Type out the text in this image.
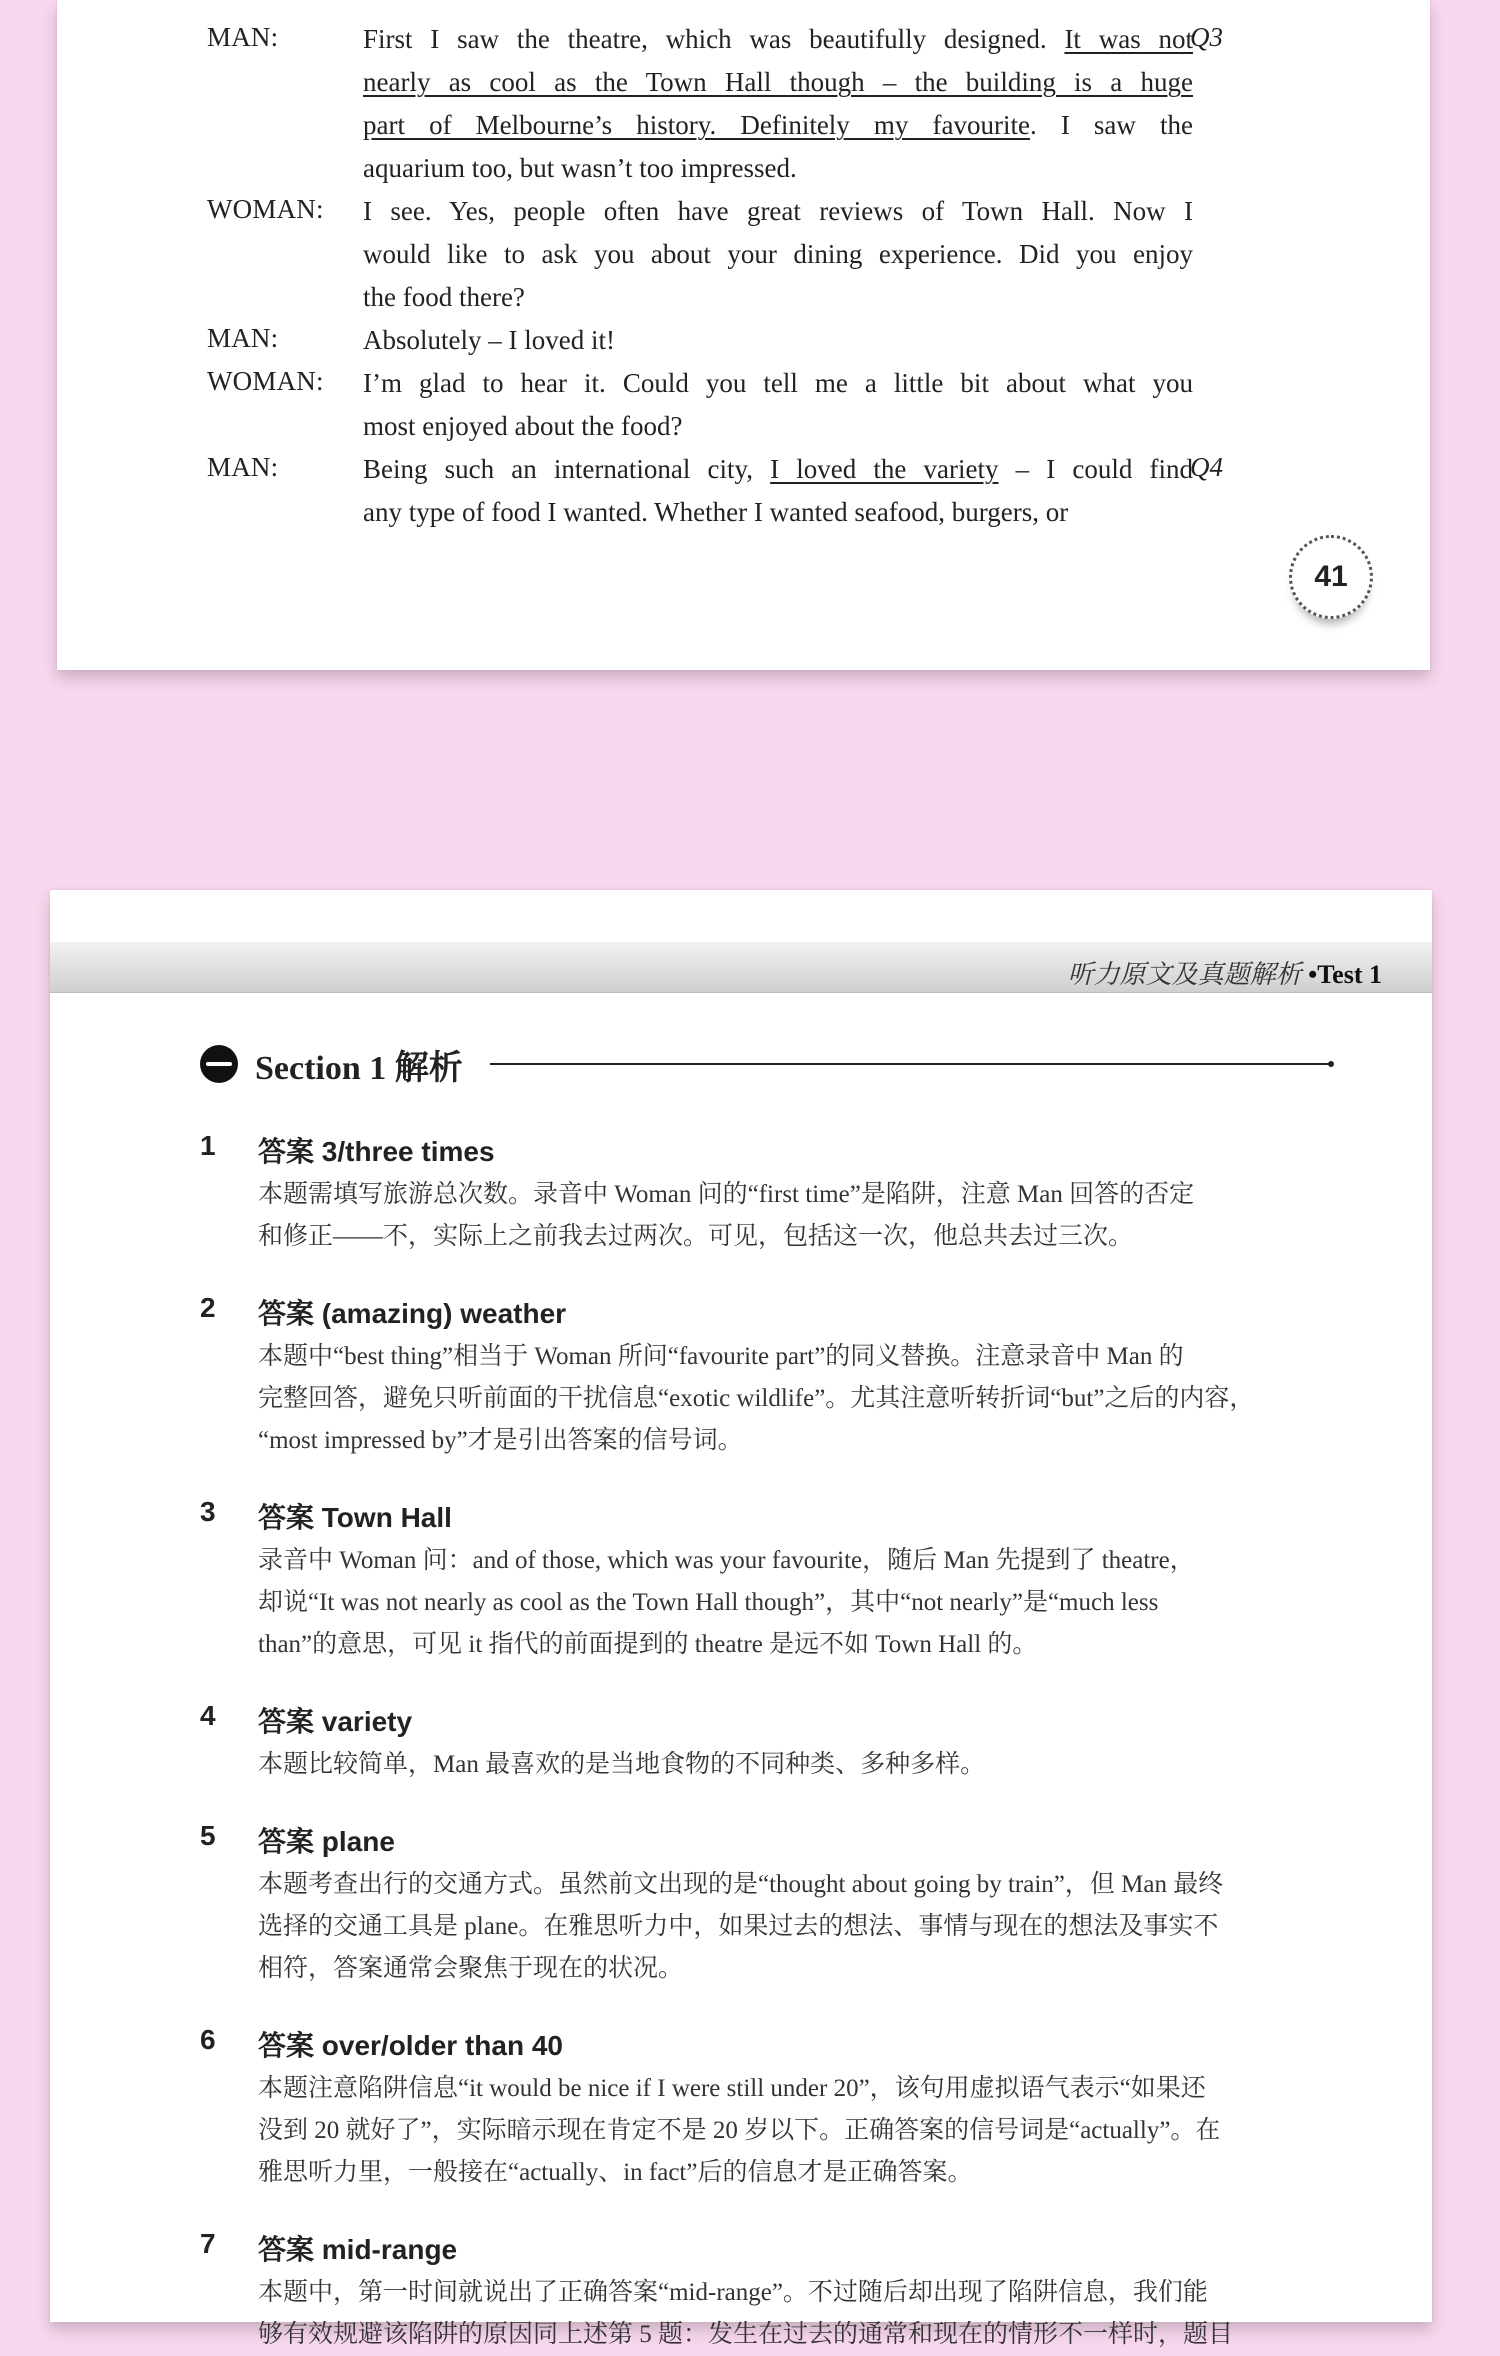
MAN:	Q3
First I saw the theatre, which was beautifully designed. It was not
nearly as cool as the Town Hall though – the building is a huge
part of Melbourne’s history. Definitely my favourite. I saw the
aquarium too, but wasn’t too impressed.
WOMAN: I see. Yes, people often have great reviews of Town Hall. Now I
would like to ask you about your dining experience. Did you enjoy
the food there?
MAN:	Absolutely – I loved it!
WOMAN: I’m glad to hear it. Could you tell me a little bit about what you
most enjoyed about the food?
MAN:	Q4
Being such an international city, I loved the variety – I could find
any type of food I wanted. Whether I wanted seafood, burgers, or
41
听力原文及真题解析 •Test 1
Section 1 解析
1 答案 3/three times
本题需填写旅游总次数。录音中 Woman 问的“first time”是陷阱，注意 Man 回答的否定
和修正——不，实际上之前我去过两次。可见，包括这一次，他总共去过三次。
2 答案 (amazing) weather
本题中“best thing”相当于 Woman 所问“favourite part”的同义替换。注意录音中 Man 的
完整回答，避免只听前面的干扰信息“exotic wildlife”。尤其注意听转折词“but”之后的内容，
“most impressed by”才是引出答案的信号词。
3 答案 Town Hall
录音中 Woman 问：and of those, which was your favourite，随后 Man 先提到了 theatre，
却说“It was not nearly as cool as the Town Hall though”，其中“not nearly”是“much less
than”的意思，可见 it 指代的前面提到的 theatre 是远不如 Town Hall 的。
4 答案 variety
本题比较简单，Man 最喜欢的是当地食物的不同种类、多种多样。
5 答案 plane
本题考查出行的交通方式。虽然前文出现的是“thought about going by train”，但 Man 最终
选择的交通工具是 plane。在雅思听力中，如果过去的想法、事情与现在的想法及事实不
相符，答案通常会聚焦于现在的状况。
6 答案 over/older than 40
本题注意陷阱信息“it would be nice if I were still under 20”，该句用虚拟语气表示“如果还
没到 20 就好了”，实际暗示现在肯定不是 20 岁以下。正确答案的信号词是“actually”。在
雅思听力里，一般接在“actually、in fact”后的信息才是正确答案。
7 答案 mid-range
本题中，第一时间就说出了正确答案“mid-range”。不过随后却出现了陷阱信息，我们能
够有效规避该陷阱的原因同上述第 5 题：发生在过去的通常和现在的情形不一样时，题目
